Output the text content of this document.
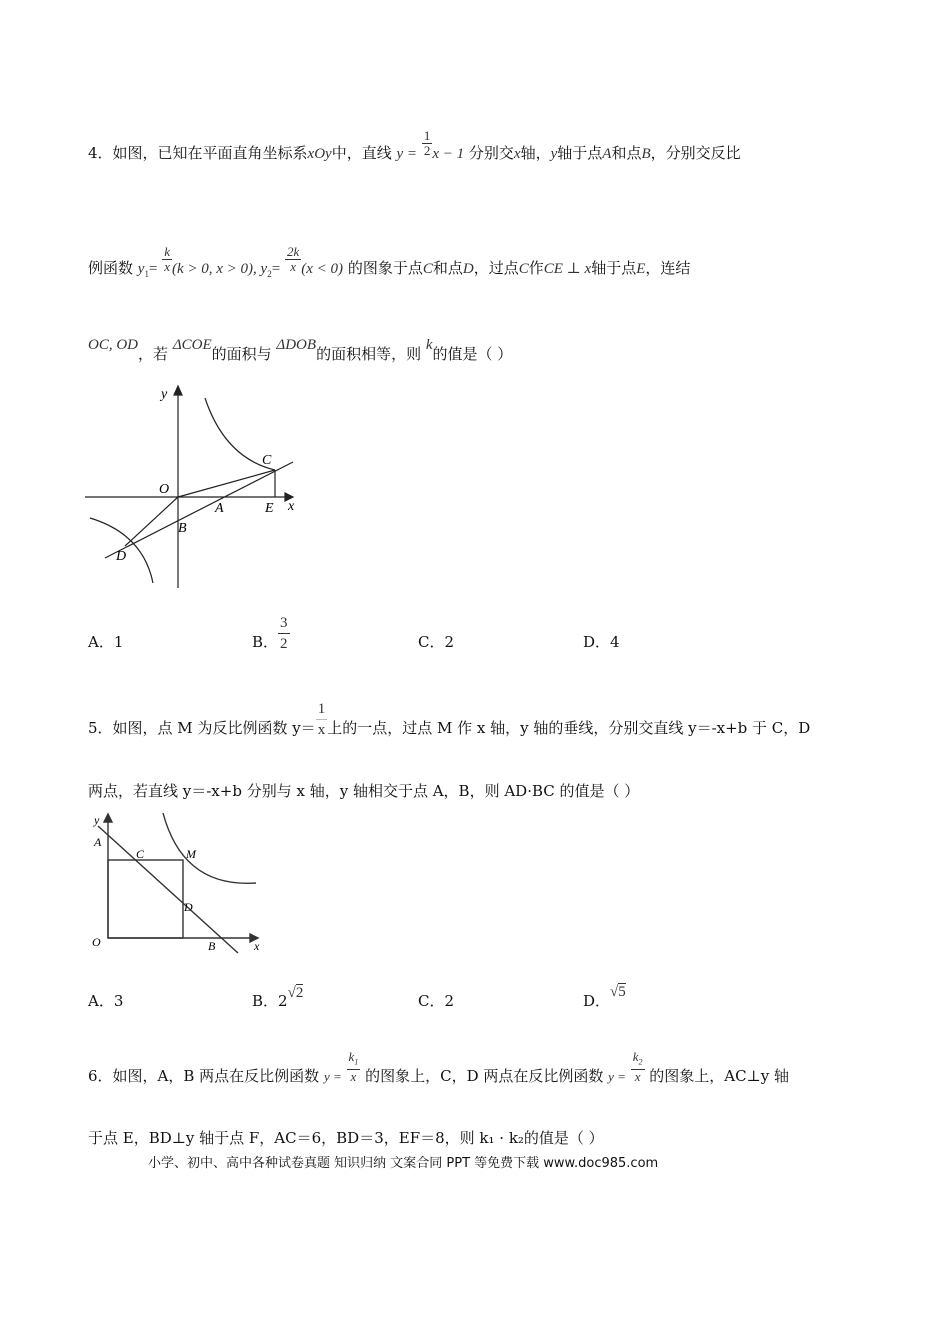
4．如图，已知在平面直角坐标系xOy中，直线 $y = \frac{1}{2}$ x − 1 分别交x轴，y轴于点A和点B，分别交反比
例函数 $y_1= \frac{k}{x} (k > 0$, x > 0), $y_2= \frac{2k}{x} (x < 0)$ 的图象于点C和点D，过点C作CE ⊥ x轴于点E，连结
OC, OD，若 ΔCOE的面积与 ΔDOB的面积相等，则 k的值是（ ）
y
x
O
A
B
C
D
E
A．1	B． $\frac{3}{2}$	C．2	D．4
5．如图，点 M 为反比例函数 $y= \frac{1}{x}$ 上的一点，过点 M 作 x 轴，y 轴的垂线，分别交直线 y＝-x+b 于 C，D
两点，若直线 y＝-x+b 分别与 x 轴，y 轴相交于点 A，B，则 AD·BC 的值是（ ）
y
x
O
A
B
C
D
M
A．3	B．2√2	C．2	D．√5
6．如图，A，B 两点在反比例函数 $y = \frac{k_1}{x}$ 的图象上，C，D 两点在反比例函数 $y = \frac{k_2}{x}$ 的图象上，AC⊥y 轴
于点 E，BD⊥y 轴于点 F，AC＝6，BD＝3，EF＝8，则 k₁ · k₂的值是（ ）
小学、初中、高中各种试卷真题 知识归纳 文案合同 PPT 等免费下载 www.doc985.com
